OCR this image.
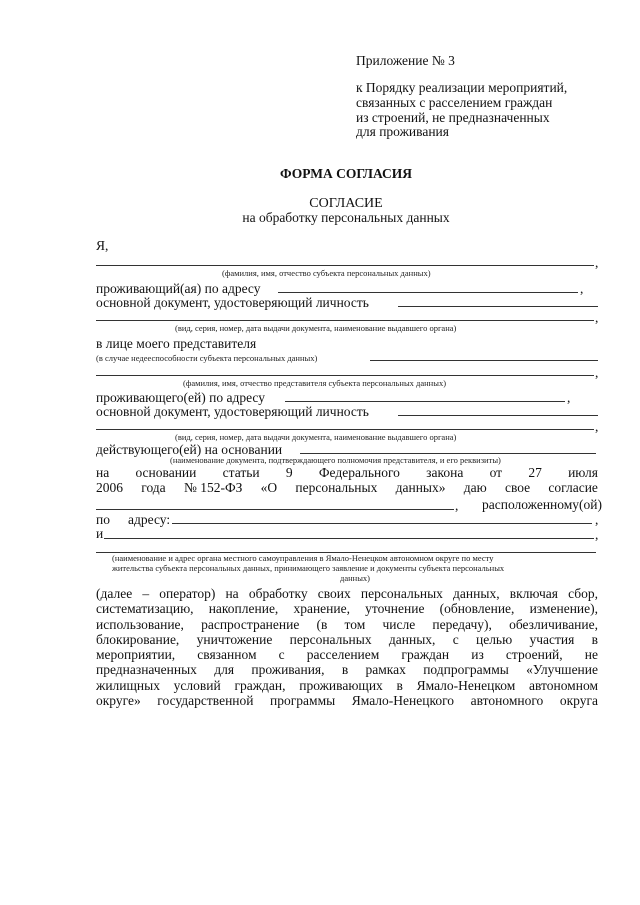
Приложение № 3
к Порядку реализации мероприятий,
связанных с расселением граждан
из строений, не предназначенных
для проживания
ФОРМА СОГЛАСИЯ
СОГЛАСИЕ
на обработку персональных данных
Я,
,
(фамилия, имя, отчество субъекта персональных данных)
проживающий(ая) по адресу	,
основной документ, удостоверяющий личность
,
(вид, серия, номер, дата выдачи документа, наименование выдавшего органа)
в лице моего представителя
(в случае недееспособности субъекта персональных данных)
,
(фамилия, имя, отчество представителя субъекта персональных данных)
проживающего(ей) по адресу	,
основной документ, удостоверяющий личность
,
(вид, серия, номер, дата выдачи документа, наименование выдавшего органа)
действующего(ей) на основании
(наименование документа, подтверждающего полномочия представителя, и его реквизиты)
на основании статьи 9 Федерального закона от 27 июля
2006 года № 152-ФЗ «О персональных данных» даю свое согласие
, расположенному(ой)
по адресу:	,
и	,
(наименование и адрес органа местного самоуправления в Ямало-Ненецком автономном округе по месту
жительства субъекта персональных данных, принимающего заявление и документы субъекта персональных
данных)
(далее – оператор) на обработку своих персональных данных, включая сбор,
систематизацию, накопление, хранение, уточнение (обновление, изменение),
использование, распространение (в том числе передачу), обезличивание,
блокирование, уничтожение персональных данных, с целью участия в
мероприятии, связанном с расселением граждан из строений, не
предназначенных для проживания, в рамках подпрограммы «Улучшение
жилищных условий граждан, проживающих в Ямало-Ненецком автономном
округе» государственной программы Ямало-Ненецкого автономного округа
